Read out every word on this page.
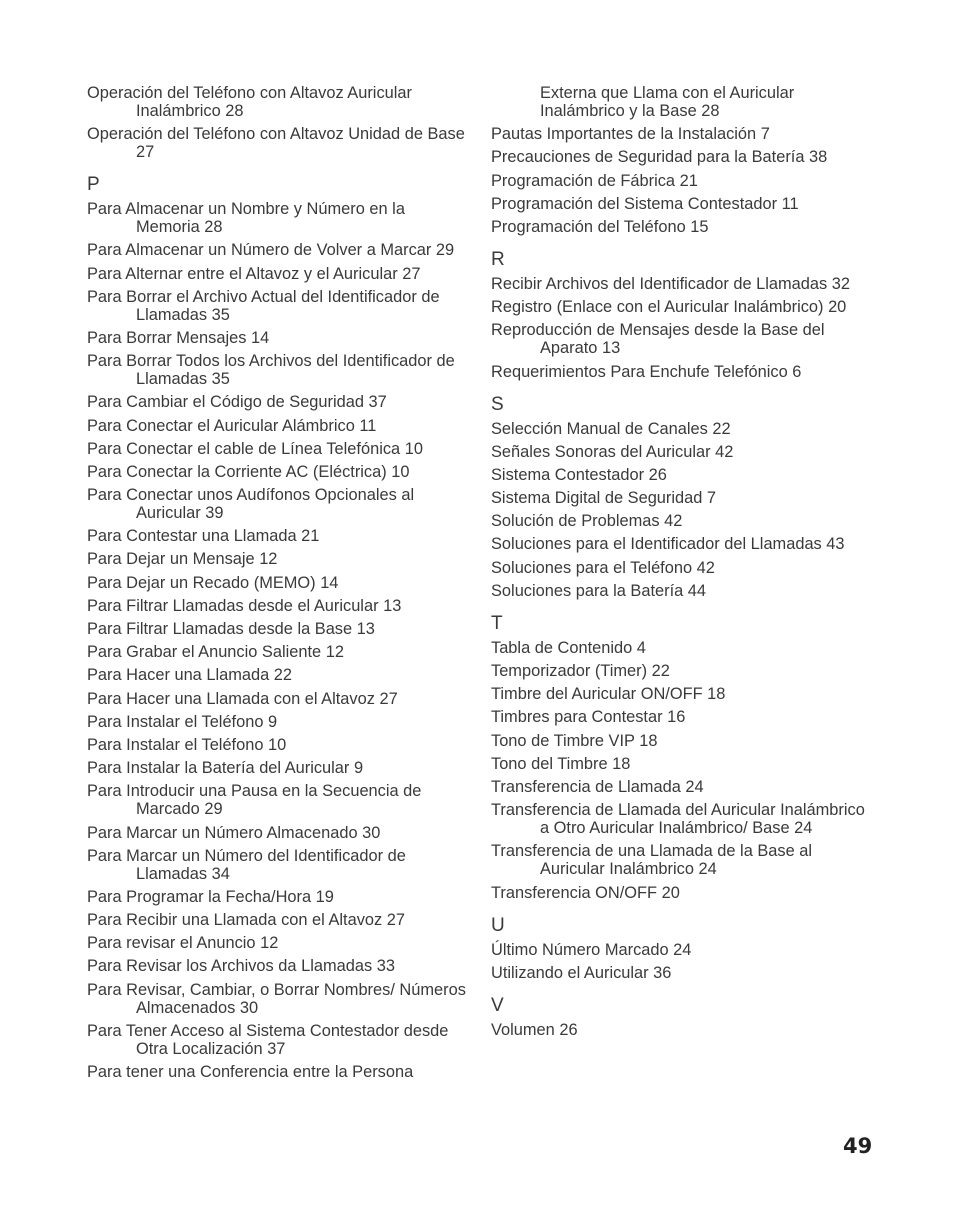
Operación del Teléfono con Altavoz Auricular Inalámbrico 28
Operación del Teléfono con Altavoz Unidad de Base 27
P
Para Almacenar un Nombre y Número en la Memoria 28
Para Almacenar un Número de Volver a Marcar 29
Para Alternar entre el Altavoz y el Auricular 27
Para Borrar el Archivo Actual del Identificador de Llamadas 35
Para Borrar Mensajes 14
Para Borrar Todos los Archivos del Identificador de Llamadas 35
Para Cambiar el Código de Seguridad 37
Para Conectar el Auricular Alámbrico 11
Para Conectar el cable de Línea Telefónica 10
Para Conectar la Corriente AC (Eléctrica) 10
Para Conectar unos Audífonos Opcionales al Auricular 39
Para Contestar una Llamada 21
Para Dejar un Mensaje 12
Para Dejar un Recado (MEMO) 14
Para Filtrar Llamadas desde el Auricular 13
Para Filtrar Llamadas desde la Base 13
Para Grabar el Anuncio Saliente 12
Para Hacer una Llamada 22
Para Hacer una Llamada con el Altavoz 27
Para Instalar el Teléfono 9
Para Instalar el Teléfono 10
Para Instalar la Batería del Auricular 9
Para Introducir una Pausa en la Secuencia de Marcado 29
Para Marcar un Número Almacenado 30
Para Marcar un Número del Identificador de Llamadas 34
Para Programar la Fecha/Hora 19
Para Recibir una Llamada con el Altavoz 27
Para revisar el Anuncio 12
Para Revisar los Archivos da Llamadas 33
Para Revisar, Cambiar, o Borrar Nombres/ Números Almacenados 30
Para Tener Acceso al Sistema Contestador desde Otra Localización 37
Para tener una Conferencia entre la Persona
Externa que Llama con el Auricular Inalámbrico y la Base 28
Pautas Importantes de la Instalación 7
Precauciones de Seguridad para la Batería 38
Programación de Fábrica 21
Programación del Sistema Contestador 11
Programación del Teléfono 15
R
Recibir Archivos del Identificador de Llamadas 32
Registro (Enlace con el Auricular Inalámbrico) 20
Reproducción de Mensajes desde la Base del Aparato 13
Requerimientos Para Enchufe Telefónico 6
S
Selección Manual de Canales 22
Señales Sonoras del Auricular 42
Sistema Contestador 26
Sistema Digital de Seguridad 7
Solución de Problemas 42
Soluciones para el Identificador del Llamadas 43
Soluciones para el Teléfono 42
Soluciones para la Batería 44
T
Tabla de Contenido 4
Temporizador (Timer) 22
Timbre del Auricular ON/OFF 18
Timbres para Contestar 16
Tono de Timbre VIP 18
Tono del Timbre 18
Transferencia de Llamada 24
Transferencia de Llamada del Auricular Inalámbrico a Otro Auricular Inalámbrico/ Base 24
Transferencia de una Llamada de la Base al Auricular Inalámbrico 24
Transferencia ON/OFF 20
U
Último Número Marcado 24
Utilizando el Auricular 36
V
Volumen 26
49
